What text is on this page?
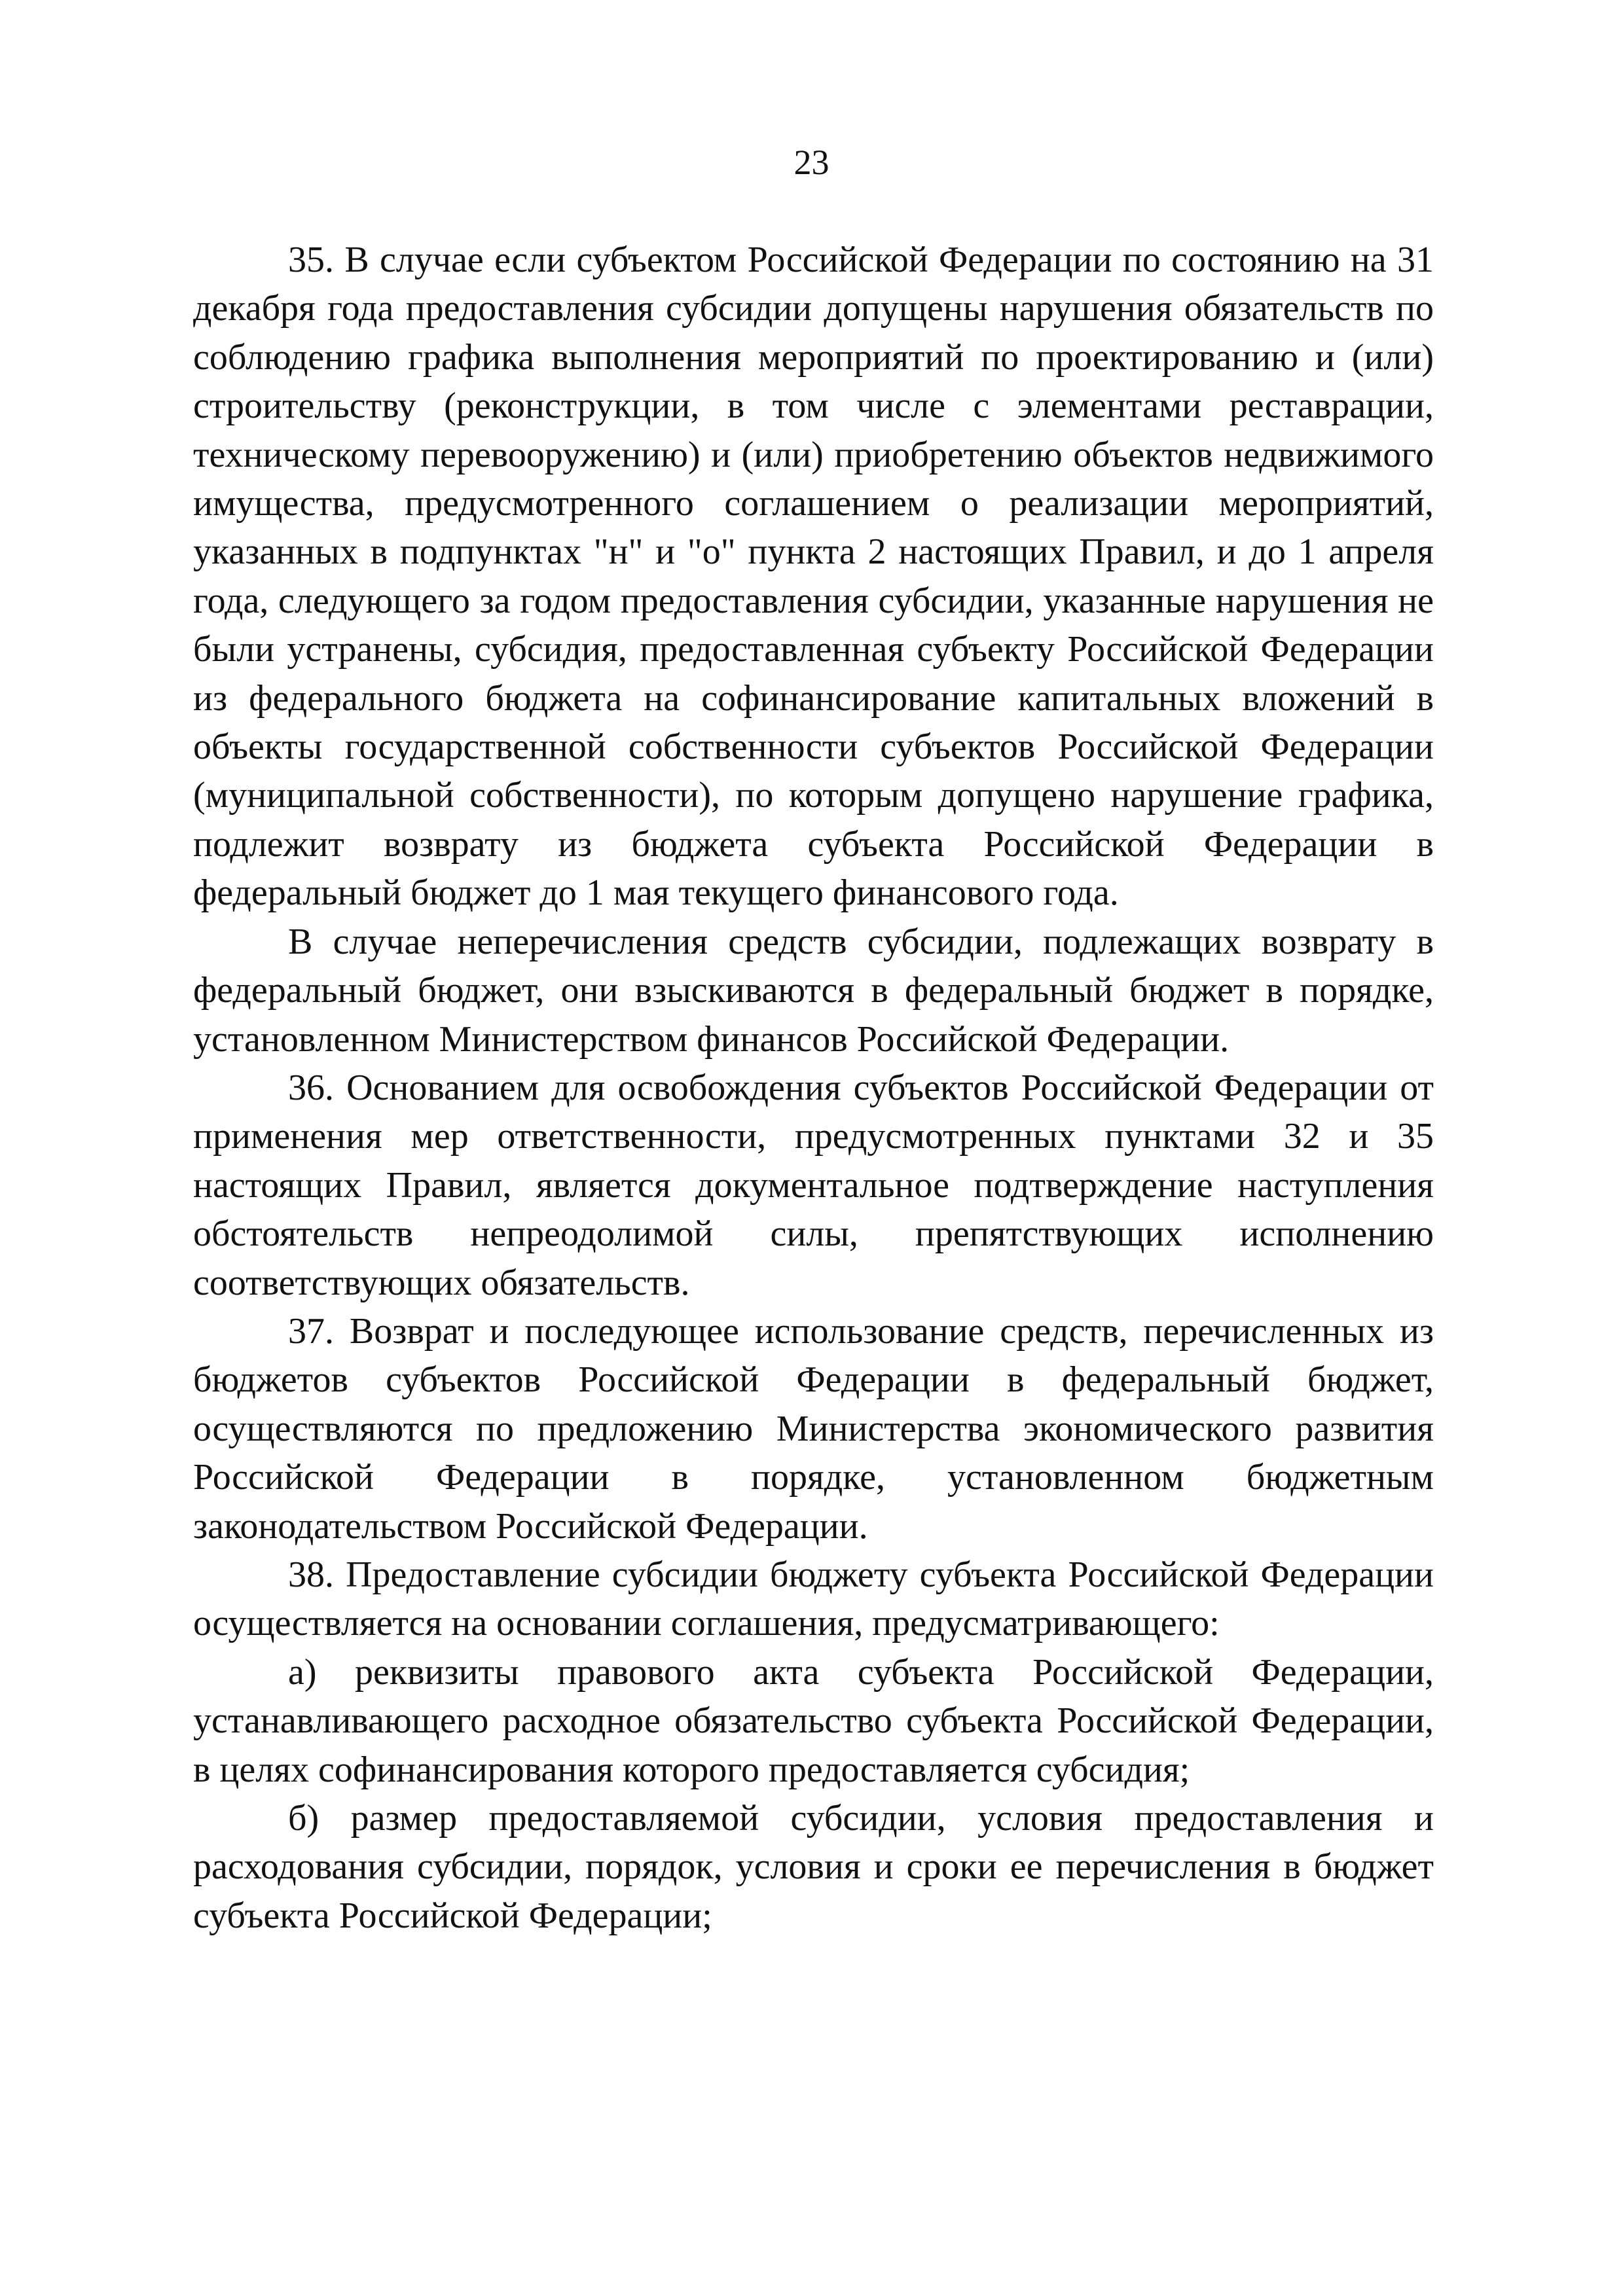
23

35. В случае если субъектом Российской Федерации по состоянию на 31 декабря года предоставления субсидии допущены нарушения обязательств по соблюдению графика выполнения мероприятий по проектированию и (или) строительству (реконструкции, в том числе с элементами реставрации, техническому перевооружению) и (или) приобретению объектов недвижимого имущества, предусмотренного соглашением о реализации мероприятий, указанных в подпунктах "н" и "о" пункта 2 настоящих Правил, и до 1 апреля года, следующего за годом предоставления субсидии, указанные нарушения не были устранены, субсидия, предоставленная субъекту Российской Федерации из федерального бюджета на софинансирование капитальных вложений в объекты государственной собственности субъектов Российской Федерации (муниципальной собственности), по которым допущено нарушение графика, подлежит возврату из бюджета субъекта Российской Федерации в федеральный бюджет до 1 мая текущего финансового года.

В случае неперечисления средств субсидии, подлежащих возврату в федеральный бюджет, они взыскиваются в федеральный бюджет в порядке, установленном Министерством финансов Российской Федерации.

36. Основанием для освобождения субъектов Российской Федерации от применения мер ответственности, предусмотренных пунктами 32 и 35 настоящих Правил, является документальное подтверждение наступления обстоятельств непреодолимой силы, препятствующих исполнению соответствующих обязательств.

37. Возврат и последующее использование средств, перечисленных из бюджетов субъектов Российской Федерации в федеральный бюджет, осуществляются по предложению Министерства экономического развития Российской Федерации в порядке, установленном бюджетным законодательством Российской Федерации.

38. Предоставление субсидии бюджету субъекта Российской Федерации осуществляется на основании соглашения, предусматривающего:

а) реквизиты правового акта субъекта Российской Федерации, устанавливающего расходное обязательство субъекта Российской Федерации, в целях софинансирования которого предоставляется субсидия;

б) размер предоставляемой субсидии, условия предоставления и расходования субсидии, порядок, условия и сроки ее перечисления в бюджет субъекта Российской Федерации;
